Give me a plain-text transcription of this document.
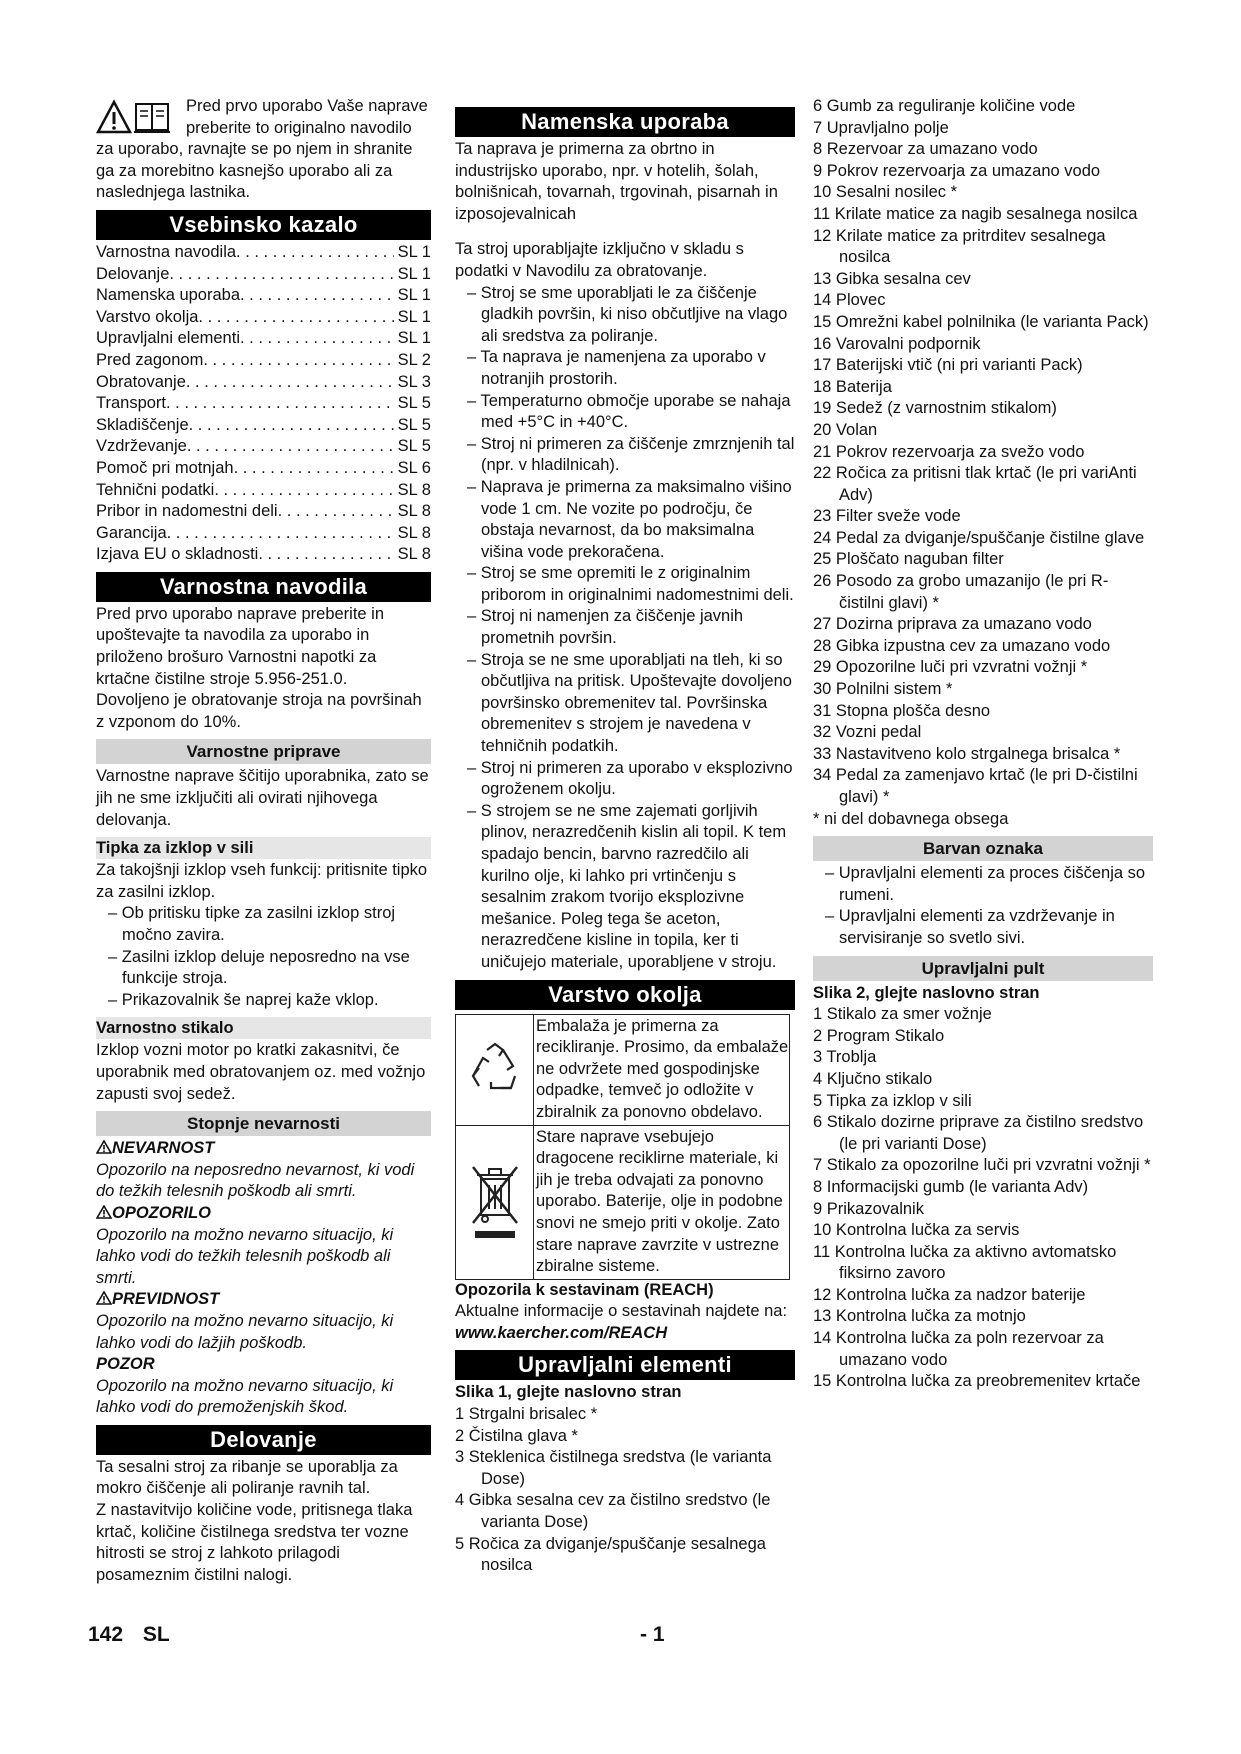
Pred prvo uporabo Vaše naprave preberite to originalno navodilo za uporabo, ravnajte se po njem in shranite ga za morebitno kasnejšo uporabo ali za naslednjega lastnika.

Vsebinsko kazalo
Varnostna navodila . . .	SL 1
Delovanje . . .	SL 1
Namenska uporaba . . .	SL 1
Varstvo okolja . . .	SL 1
Upravljalni elementi . . .	SL 1
Pred zagonom . . .	SL 2
Obratovanje . . .	SL 3
Transport . . .	SL 5
Skladiščenje . . .	SL 5
Vzdrževanje . . .	SL 5
Pomoč pri motnjah . . .	SL 6
Tehnični podatki . . .	SL 8
Pribor in nadomestni deli . . .	SL 8
Garancija . . .	SL 8
Izjava EU o skladnosti . . .	SL 8
Varnostna navodila

Pred prvo uporabo naprave preberite in upoštevajte ta navodila za uporabo in priloženo brošuro Varnostni napotki za krtačne čistilne stroje 5.956-251.0.

Dovoljeno je obratovanje stroja na površinah z vzponom do 10%.

Varnostne priprave

Varnostne naprave ščitijo uporabnika, zato se jih ne sme izključiti ali ovirati njihovega delovanja.

Tipka za izklop v sili

Za takojšnji izklop vseh funkcij: pritisnite tipko za zasilni izklop.

– Ob pritisku tipke za zasilni izklop stroj močno zavira.
– Zasilni izklop deluje neposredno na vse funkcije stroja.
– Prikazovalnik še naprej kaže vklop.
Varnostno stikalo

Izklop vozni motor po kratki zakasnitvi, če uporabnik med obratovanjem oz. med vožnjo zapusti svoj sedež.

Stopnje nevarnosti

NEVARNOST

Opozorilo na neposredno nevarnost, ki vodi do težkih telesnih poškodb ali smrti.

OPOZORILO

Opozorilo na možno nevarno situacijo, ki lahko vodi do težkih telesnih poškodb ali smrti.

PREVIDNOST

Opozorilo na možno nevarno situacijo, ki lahko vodi do lažjih poškodb.

POZOR

Opozorilo na možno nevarno situacijo, ki lahko vodi do premoženjskih škod.

Delovanje

Ta sesalni stroj za ribanje se uporablja za mokro čiščenje ali poliranje ravnih tal.

Z nastavitvijo količine vode, pritisnega tlaka krtač, količine čistilnega sredstva ter vozne hitrosti se stroj z lahkoto prilagodi posameznim čistilni nalogi.

Namenska uporaba

Ta naprava je primerna za obrtno in industrijsko uporabo, npr. v hotelih, šolah, bolnišnicah, tovarnah, trgovinah, pisarnah in izposojevalnicah

Ta stroj uporabljajte izključno v skladu s podatki v Navodilu za obratovanje.

– Stroj se sme uporabljati le za čiščenje gladkih površin, ki niso občutljive na vlago ali sredstva za poliranje.
– Ta naprava je namenjena za uporabo v notranjih prostorih.
– Temperaturno območje uporabe se nahaja med +5°C in +40°C.
– Stroj ni primeren za čiščenje zmrznjenih tal (npr. v hladilnicah).
– Naprava je primerna za maksimalno višino vode 1 cm. Ne vozite po področju, če obstaja nevarnost, da bo maksimalna višina vode prekoračena.
– Stroj se sme opremiti le z originalnim priborom in originalnimi nadomestnimi deli.
– Stroj ni namenjen za čiščenje javnih prometnih površin.
– Stroja se ne sme uporabljati na tleh, ki so občutljiva na pritisk. Upoštevajte dovoljeno površinsko obremenitev tal. Površinska obremenitev s strojem je navedena v tehničnih podatkih.
– Stroj ni primeren za uporabo v eksplozivno ogroženem okolju.
– S strojem se ne sme zajemati gorljivih plinov, nerazredčenih kislin ali topil. K tem spadajo bencin, barvno razredčilo ali kurilno olje, ki lahko pri vrtinčenju s sesalnim zrakom tvorijo eksplozivne mešanice. Poleg tega še aceton, nerazredčene kisline in topila, ker ti uničujejo materiale, uporabljene v stroju.
Varstvo okolja
Embalaža je primerna za recikliranje. Prosimo, da embalaže ne odvržete med gospodinjske odpadke, temveč jo odložite v zbiralnik za ponovno obdelavo.
Stare naprave vsebujejo dragocene reciklirne materiale, ki jih je treba odvajati za ponovno uporabo. Baterije, olje in podobne snovi ne smejo priti v okolje. Zato stare naprave zavrzite v ustrezne zbiralne sisteme.

Opozorila k sestavinam (REACH)

Aktualne informacije o sestavinah najdete na:

www.kaercher.com/REACH

Upravljalni elementi

Slika 1, glejte naslovno stran

1 Strgalni brisalec *
2 Čistilna glava *
3 Steklenica čistilnega sredstva (le varianta Dose)
4 Gibka sesalna cev za čistilno sredstvo (le varianta Dose)
5 Ročica za dviganje/spuščanje sesalnega nosilca
6 Gumb za reguliranje količine vode
7 Upravljalno polje
8 Rezervoar za umazano vodo
9 Pokrov rezervoarja za umazano vodo
10 Sesalni nosilec *
11 Krilate matice za nagib sesalnega nosilca
12 Krilate matice za pritrditev sesalnega nosilca
13 Gibka sesalna cev
14 Plovec
15 Omrežni kabel polnilnika (le varianta Pack)
16 Varovalni podpornik
17 Baterijski vtič (ni pri varianti Pack)
18 Baterija
19 Sedež (z varnostnim stikalom)
20 Volan
21 Pokrov rezervoarja za svežo vodo
22 Ročica za pritisni tlak krtač (le pri variAnti Adv)
23 Filter sveže vode
24 Pedal za dviganje/spuščanje čistilne glave
25 Ploščato naguban filter
26 Posodo za grobo umazanijo (le pri R-čistilni glavi) *
27 Dozirna priprava za umazano vodo
28 Gibka izpustna cev za umazano vodo
29 Opozorilne luči pri vzvratni vožnji *
30 Polnilni sistem *
31 Stopna plošča desno
32 Vozni pedal
33 Nastavitveno kolo strgalnega brisalca *
34 Pedal za zamenjavo krtač (le pri D-čistilni glavi) *

* ni del dobavnega obsega

Barvan oznaka
– Upravljalni elementi za proces čiščenja so rumeni.
– Upravljalni elementi za vzdrževanje in servisiranje so svetlo sivi.
Upravljalni pult

Slika 2, glejte naslovno stran

1 Stikalo za smer vožnje
2 Program Stikalo
3 Troblja
4 Ključno stikalo
5 Tipka za izklop v sili
6 Stikalo dozirne priprave za čistilno sredstvo (le pri varianti Dose)
7 Stikalo za opozorilne luči pri vzvratni vožnji *
8 Informacijski gumb (le varianta Adv)
9 Prikazovalnik
10 Kontrolna lučka za servis
11 Kontrolna lučka za aktivno avtomatsko fiksirno zavoro
12 Kontrolna lučka za nadzor baterije
13 Kontrolna lučka za motnjo
14 Kontrolna lučka za poln rezervoar za umazano vodo
15 Kontrolna lučka za preobremenitev krtače
142 SL	- 1
